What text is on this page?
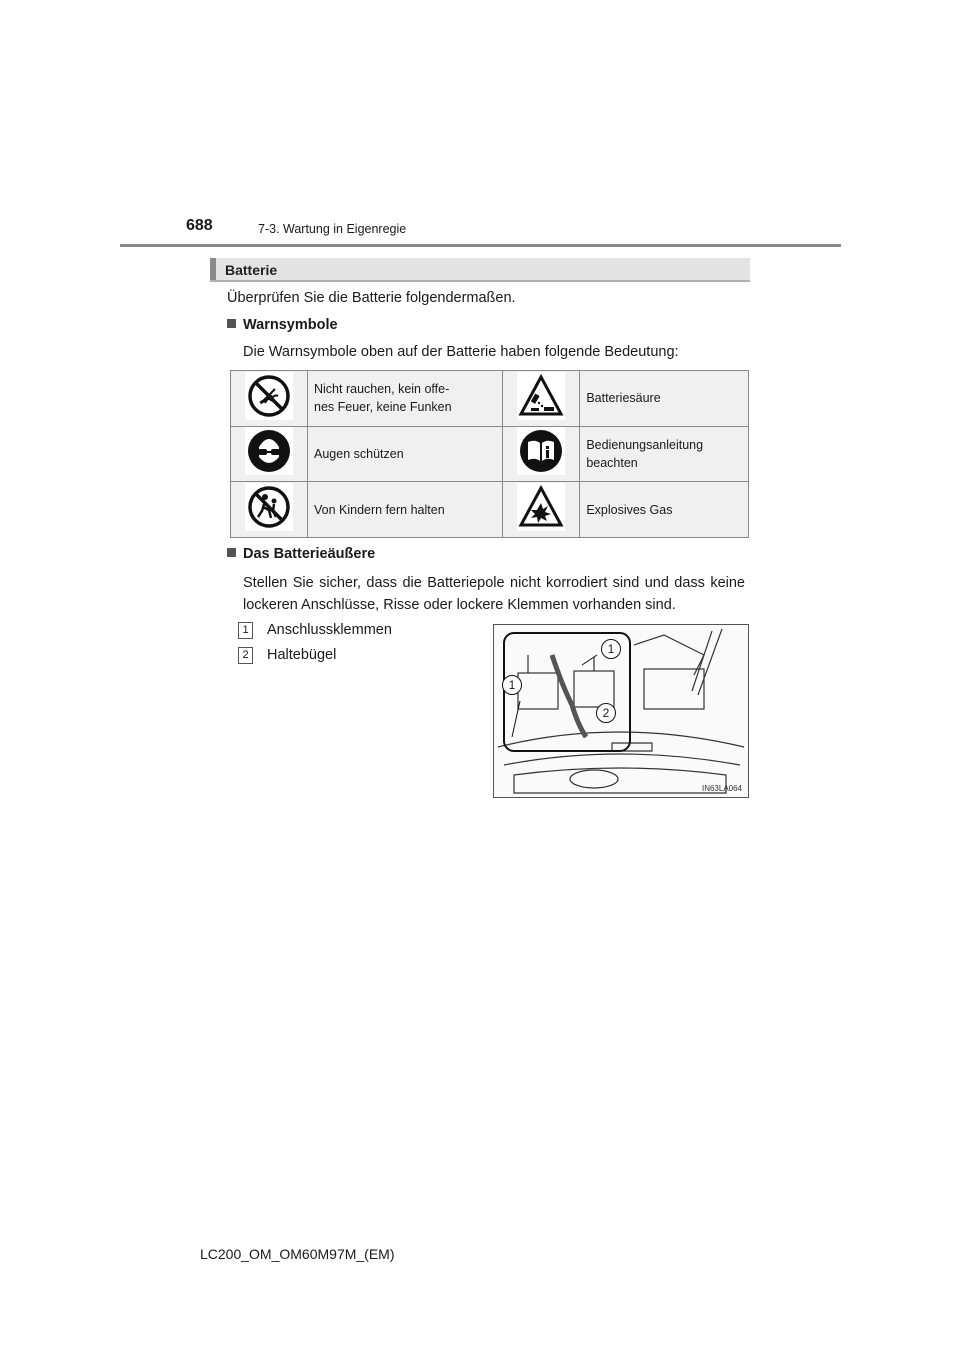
688	7-3. Wartung in Eigenregie
Batterie
Überprüfen Sie die Batterie folgendermaßen.
Warnsymbole
Die Warnsymbole oben auf der Batterie haben folgende Bedeutung:

Nicht rauchen, kein offe-
nes Feuer, keine Funken		Batteriesäure

Augen schützen		Bedienungsanleitung
beachten

Von Kindern fern halten		Explosives Gas
Das Batterieäußere
Stellen Sie sicher, dass die Batteriepole nicht korrodiert sind und dass keine lockeren Anschlüsse, Risse oder lockere Klemmen vorhanden sind.
1 Anschlussklemmen
2 Haltebügel	1
1
2
IN63LA064
LC200_OM_OM60M97M_(EM)
